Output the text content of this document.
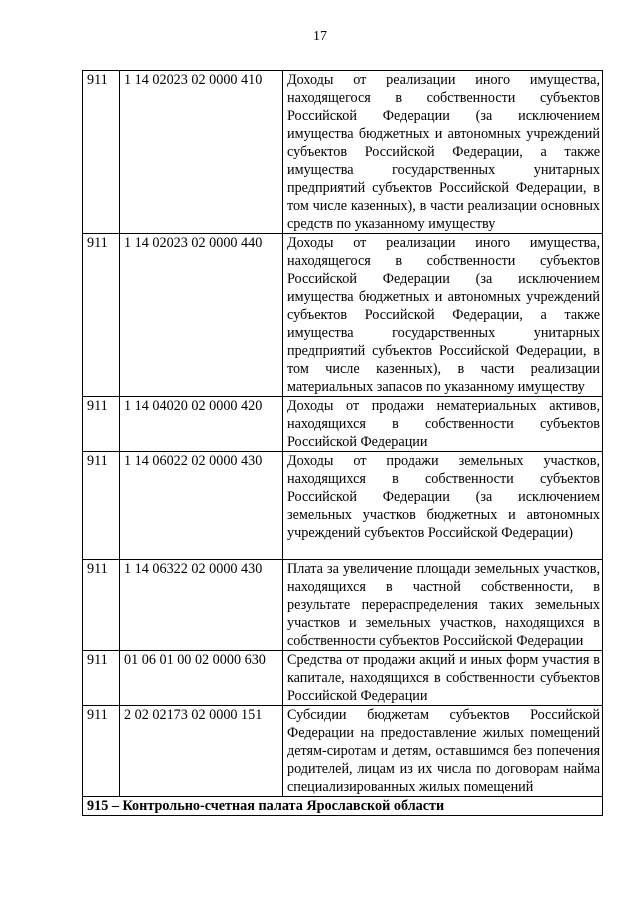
17
911	1 14 02023 02 0000 410	Доходы от реализации иного имущества, находящегося в собственности субъектов Российской Федерации (за исключением имущества бюджетных и автономных учреждений субъектов Российской Федерации, а также имущества государственных унитарных предприятий субъектов Российской Федерации, в том числе казенных), в части реализации основных средств по указанному имуществу
911	1 14 02023 02 0000 440	Доходы от реализации иного имущества, находящегося в собственности субъектов Российской Федерации (за исключением имущества бюджетных и автономных учреждений субъектов Российской Федерации, а также имущества государственных унитарных предприятий субъектов Российской Федерации, в том числе казенных), в части реализации материальных запасов по указанному имуществу
911	1 14 04020 02 0000 420	Доходы от продажи нематериальных активов, находящихся в собственности субъектов Российской Федерации
911	1 14 06022 02 0000 430	Доходы от продажи земельных участков, находящихся в собственности субъектов Российской Федерации (за исключением земельных участков бюджетных и автономных учреждений субъектов Российской Федерации)
911	1 14 06322 02 0000 430	Плата за увеличение площади земельных участков, находящихся в частной собственности, в результате перераспределения таких земельных участков и земельных участков, находящихся в собственности субъектов Российской Федерации
911	01 06 01 00 02 0000 630	Средства от продажи акций и иных форм участия в капитале, находящихся в собственности субъектов Российской Федерации
911	2 02 02173 02 0000 151	Субсидии бюджетам субъектов Российской Федерации на предоставление жилых помещений детям-сиротам и детям, оставшимся без попечения родителей, лицам из их числа по договорам найма специализированных жилых помещений
915 – Контрольно-счетная палата Ярославской области		
